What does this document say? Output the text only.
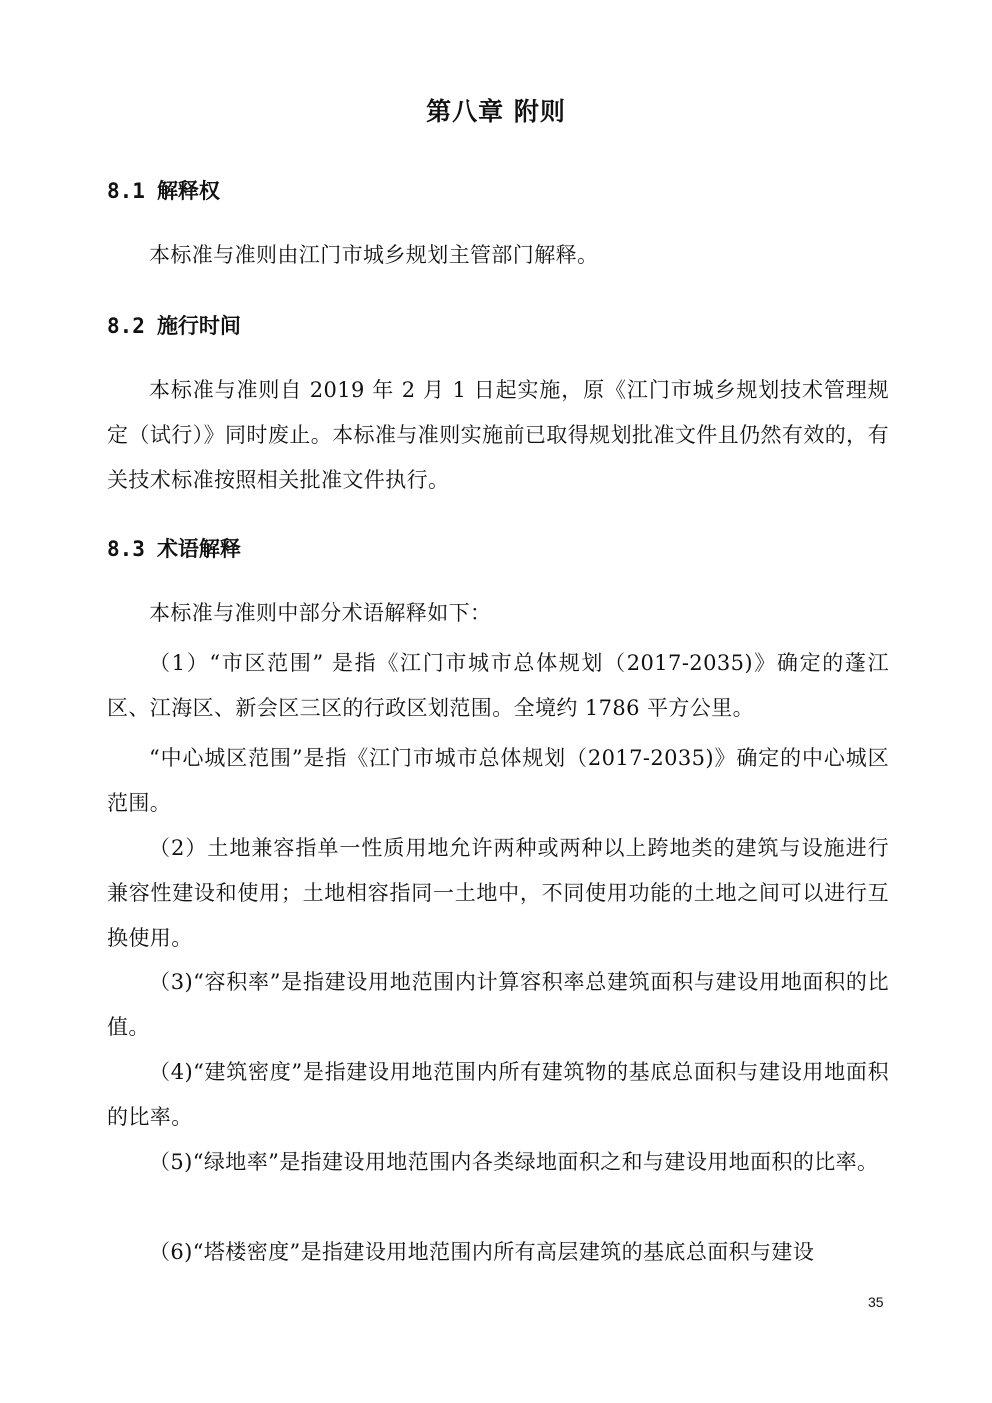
第八章 附则
8.1 解释权
本标准与准则由江门市城乡规划主管部门解释。
8.2 施行时间
本标准与准则自 2019 年 2 月 1 日起实施，原《江门市城乡规划技术管理规定（试行）》同时废止。本标准与准则实施前已取得规划批准文件且仍然有效的，有关技术标准按照相关批准文件执行。
8.3 术语解释
本标准与准则中部分术语解释如下：
（1）“市区范围” 是指《江门市城市总体规划（2017-2035)》确定的蓬江区、江海区、新会区三区的行政区划范围。全境约 1786 平方公里。
“中心城区范围”是指《江门市城市总体规划（2017-2035)》确定的中心城区范围。
（2）土地兼容指单一性质用地允许两种或两种以上跨地类的建筑与设施进行兼容性建设和使用；土地相容指同一土地中，不同使用功能的土地之间可以进行互换使用。
（3)“容积率”是指建设用地范围内计算容积率总建筑面积与建设用地面积的比值。
（4)“建筑密度”是指建设用地范围内所有建筑物的基底总面积与建设用地面积的比率。
（5)“绿地率”是指建设用地范围内各类绿地面积之和与建设用地面积的比率。
（6)“塔楼密度”是指建设用地范围内所有高层建筑的基底总面积与建设
35
